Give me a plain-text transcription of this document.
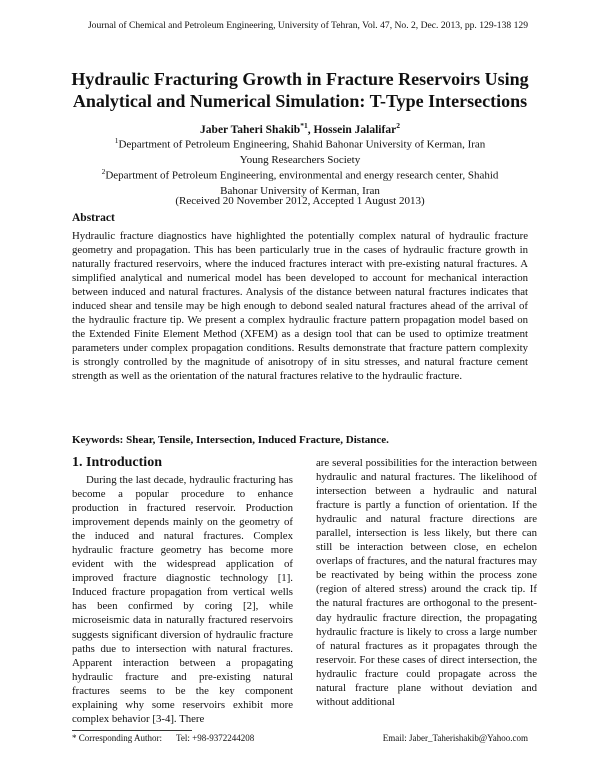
Journal of Chemical and Petroleum Engineering, University of Tehran, Vol. 47, No. 2, Dec. 2013, pp. 129-138 129
Hydraulic Fracturing Growth in Fracture Reservoirs Using
Analytical and Numerical Simulation: T-Type Intersections
Jaber Taheri Shakib$^{*1}$, Hossein Jalalifar$^2$
$^1$Department of Petroleum Engineering, Shahid Bahonar University of Kerman, Iran
Young Researchers Society
$^2$Department of Petroleum Engineering, environmental and energy research center, Shahid
Bahonar University of Kerman, Iran
(Received 20 November 2012, Accepted 1 August 2013)
Abstract
Hydraulic fracture diagnostics have highlighted the potentially complex natural of hydraulic fracture geometry and propagation. This has been particularly true in the cases of hydraulic fracture growth in naturally fractured reservoirs, where the induced fractures interact with pre-existing natural fractures. A simplified analytical and numerical model has been developed to account for mechanical interaction between induced and natural fractures. Analysis of the distance between natural fractures indicates that induced shear and tensile may be high enough to debond sealed natural fractures ahead of the arrival of the hydraulic fracture tip. We present a complex hydraulic fracture pattern propagation model based on the Extended Finite Element Method (XFEM) as a design tool that can be used to optimize treatment parameters under complex propagation conditions. Results demonstrate that fracture pattern complexity is strongly controlled by the magnitude of anisotropy of in situ stresses, and natural fracture cement strength as well as the orientation of the natural fractures relative to the hydraulic fracture.
Keywords: Shear, Tensile, Intersection, Induced Fracture, Distance.
1. Introduction
During the last decade, hydraulic fracturing has become a popular procedure to enhance production in fractured reservoir. Production improvement depends mainly on the geometry of the induced and natural fractures. Complex hydraulic fracture geometry has become more evident with the widespread application of improved fracture diagnostic technology [1]. Induced fracture propagation from vertical wells has been confirmed by coring [2], while microseismic data in naturally fractured reservoirs suggests significant diversion of hydraulic fracture paths due to intersection with natural fractures. Apparent interaction between a propagating hydraulic fracture and pre-existing natural fractures seems to be the key component explaining why some reservoirs exhibit more complex behavior [3-4]. There
are several possibilities for the interaction between hydraulic and natural fractures. The likelihood of intersection between a hydraulic and natural fracture is partly a function of orientation. If the hydraulic and natural fracture directions are parallel, intersection is less likely, but there can still be interaction between close, en echelon overlaps of fractures, and the natural fractures may be reactivated by being within the process zone (region of altered stress) around the crack tip. If the natural fractures are orthogonal to the present-day hydraulic fracture direction, the propagating hydraulic fracture is likely to cross a large number of natural fractures as it propagates through the reservoir. For these cases of direct intersection, the hydraulic fracture could propagate across the natural fracture plane without deviation and without additional
* Corresponding Author: Tel: +98-9372244208	Email: Jaber_Taherishakib@Yahoo.com
